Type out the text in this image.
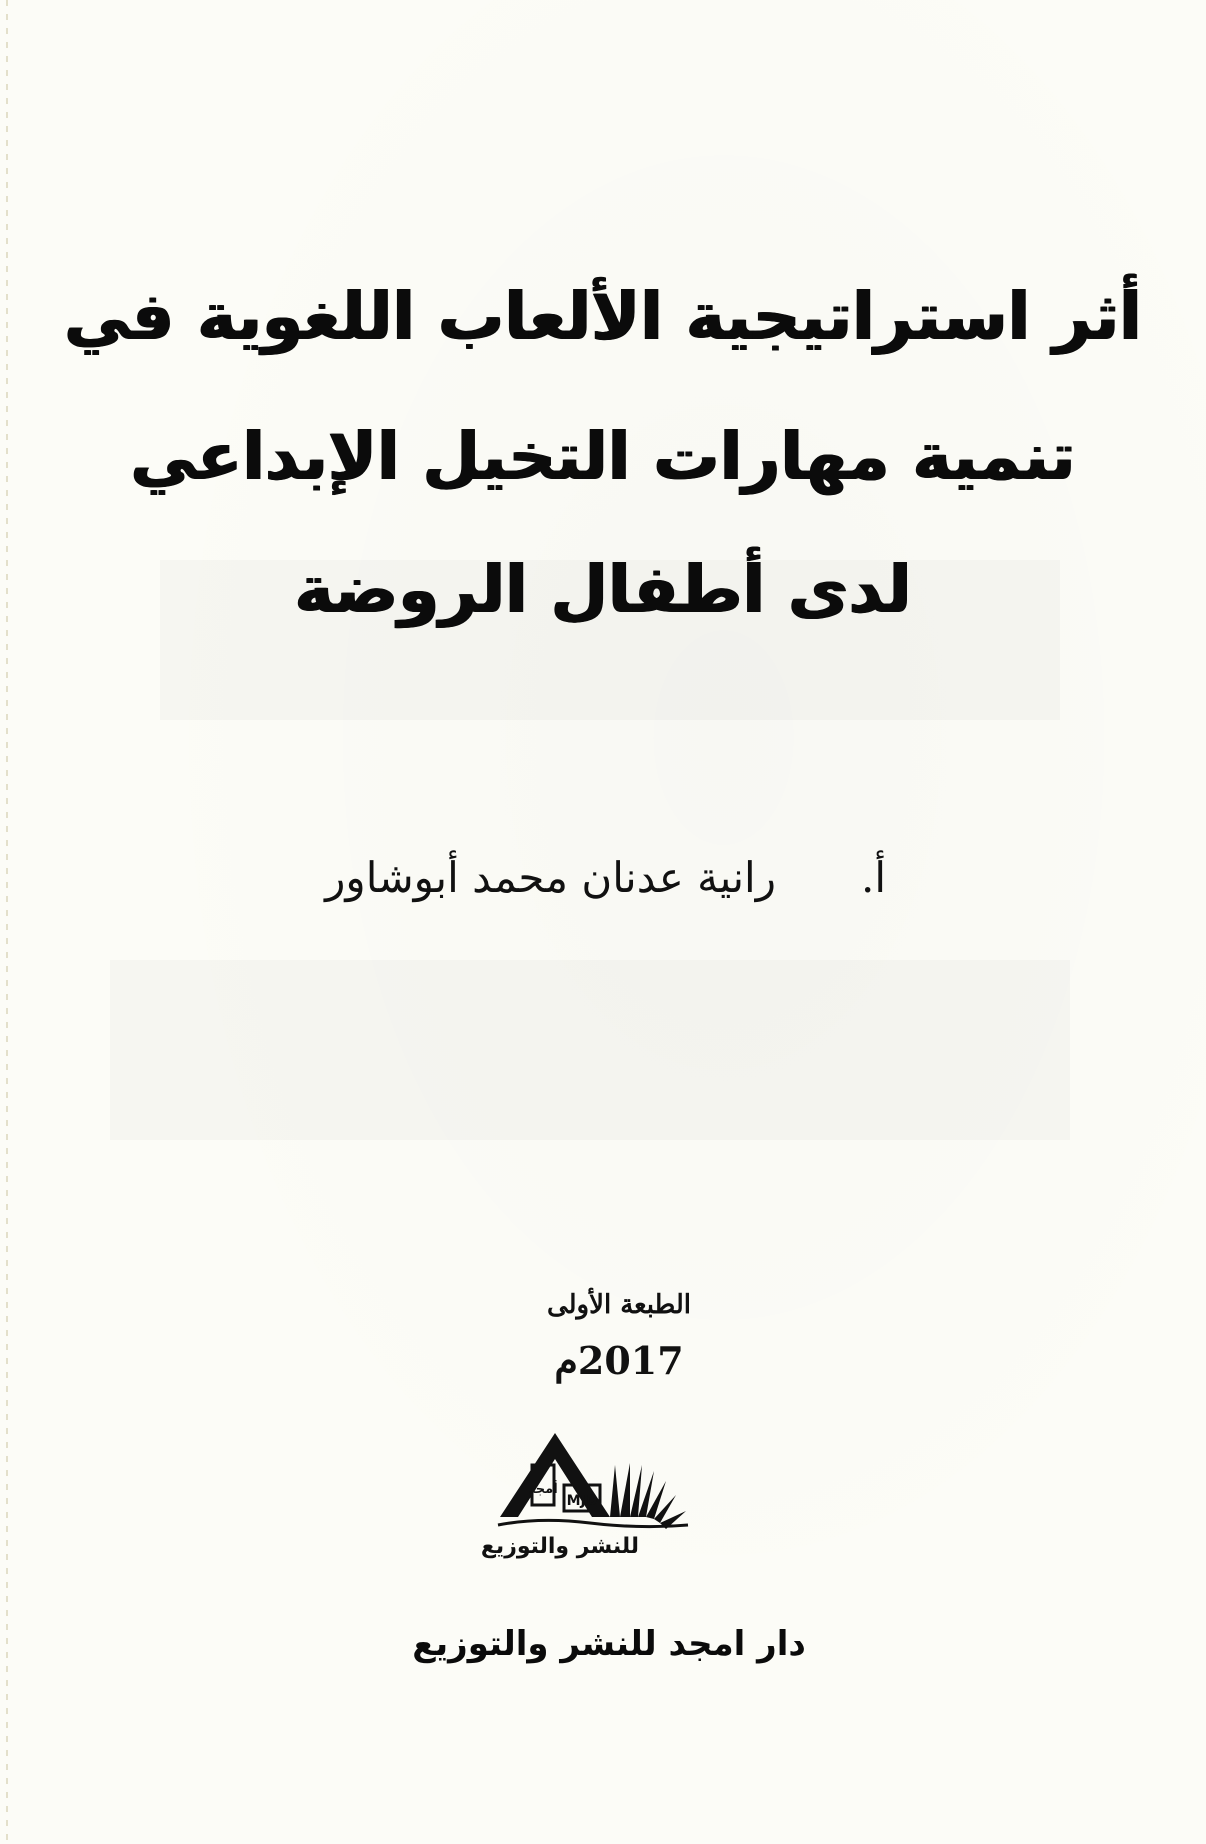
أثر استراتيجية الألعاب اللغوية في
تنمية مهارات التخيل الإبداعي
لدى أطفال الروضة
أ.
رانية عدنان محمد أبوشاور
الطبعة الأولى
2017م
أمجد
MJD
للنشر والتوزيع
دار امجد للنشر والتوزيع
